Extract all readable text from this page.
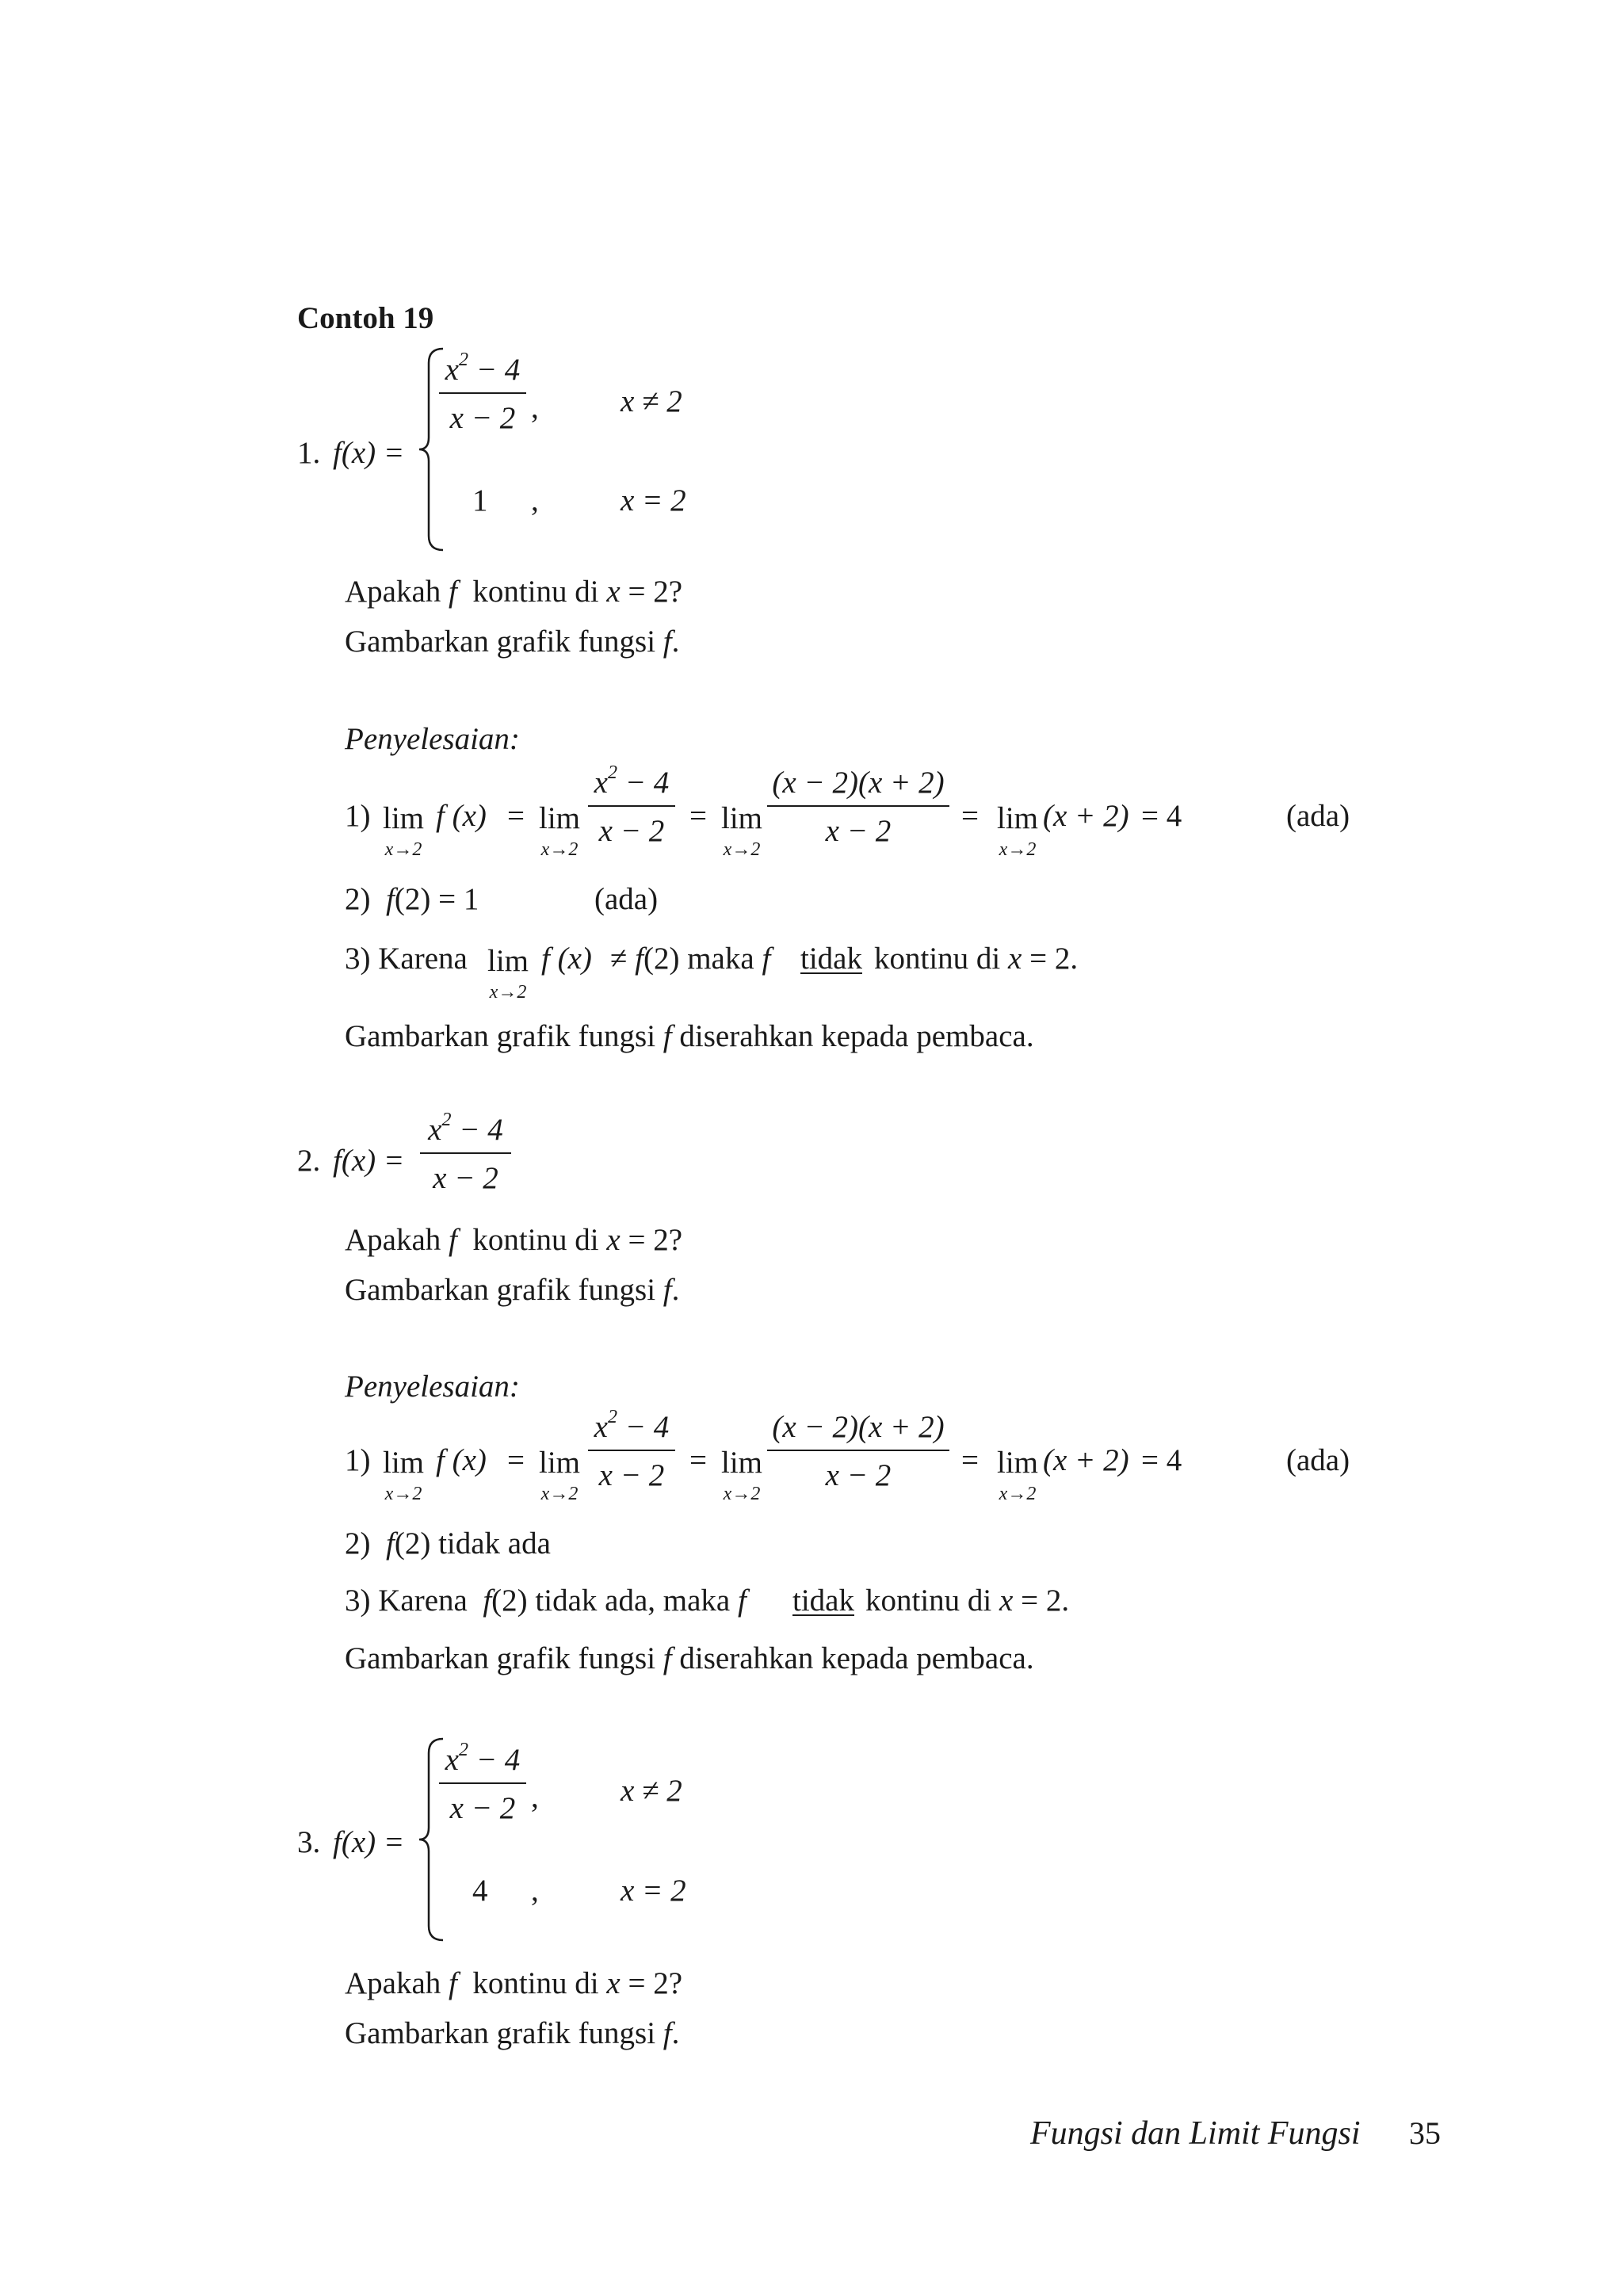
Contoh 19
1. f(x) =
$x^2 - 4$
x − 2 ,	x ≠ 2
1 ,	x = 2
Apakah f  kontinu di x = 2?
Gambarkan grafik fungsi f.
Penyelesaian:
1) lim
x→2
f (x) = lim
x→2
$x^2 - 4$
x − 2 = lim
x→2
(x − 2)(x + 2)
x − 2	= lim
x→2
(x + 2) = 4	(ada)
2)  f(2) = 1	(ada)
3) Karena lim
x→2
f (x) ≠ f(2) maka f tidak kontinu di x = 2.
Gambarkan grafik fungsi f diserahkan kepada pembaca.
2. f(x) =
$x^2 - 4$
x − 2
Apakah f  kontinu di x = 2?
Gambarkan grafik fungsi f.
Penyelesaian:
1) lim
x→2
f (x) = lim
x→2
$x^2 - 4$
x − 2 = lim
x→2
(x − 2)(x + 2)
x − 2	= lim
x→2
(x + 2) = 4	(ada)
2)  f(2) tidak ada
3) Karena  f(2) tidak ada, maka f tidak kontinu di x = 2.
Gambarkan grafik fungsi f diserahkan kepada pembaca.
3. f(x) =
$x^2 - 4$
x − 2 ,	x ≠ 2
4 ,	x = 2
Apakah f  kontinu di x = 2?
Gambarkan grafik fungsi f.
Fungsi dan Limit Fungsi 35
